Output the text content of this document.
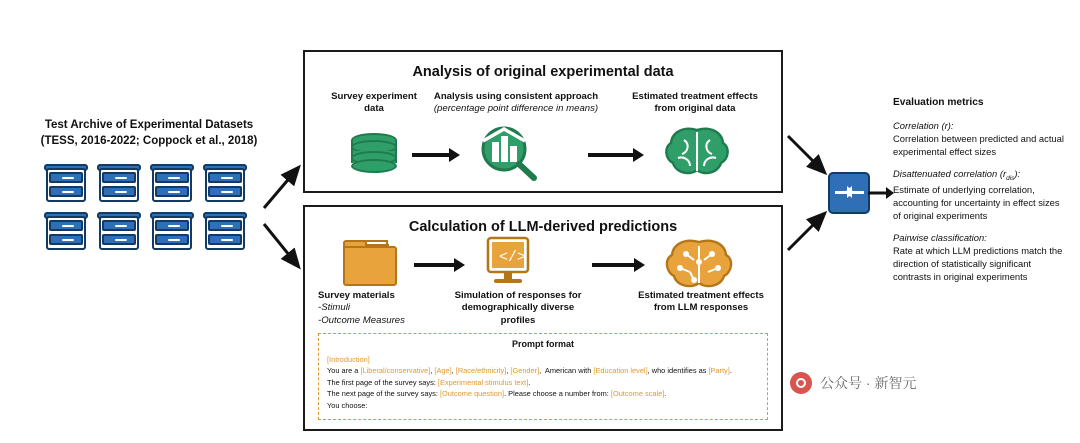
Test Archive of Experimental Datasets
(TESS, 2016-2022; Coppock et al., 2018)
Analysis of original experimental data
Survey experiment
data
Analysis using consistent approach
(percentage point difference in means)
Estimated treatment effects
from original data
Calculation of LLM-derived predictions
</>
Survey materials
-Stimuli
-Outcome Measures
Simulation of responses for
demographically diverse profiles
Estimated treatment effects
from LLM responses
Prompt format
[Introduction]
You are a [Liberal/conservative], [Age], [Race/ethnicity], [Gender],  American with [Education level], who identifies as [Party].
The first page of the survey says: [Experimental stimulus text].
The next page of the survey says: [Outcome question]. Please choose a number from: [Outcome scale].
You choose:
Evaluation metrics
Correlation (r):
Correlation between predicted and actual experimental effect sizes
Disattenuated correlation $(r_{dis})$:
Estimate of underlying correlation, accounting for uncertainty in effect sizes of original experiments
Pairwise classification:
Rate at which LLM predictions match the direction of statistically significant contrasts in original experiments
公众号 · 新智元
